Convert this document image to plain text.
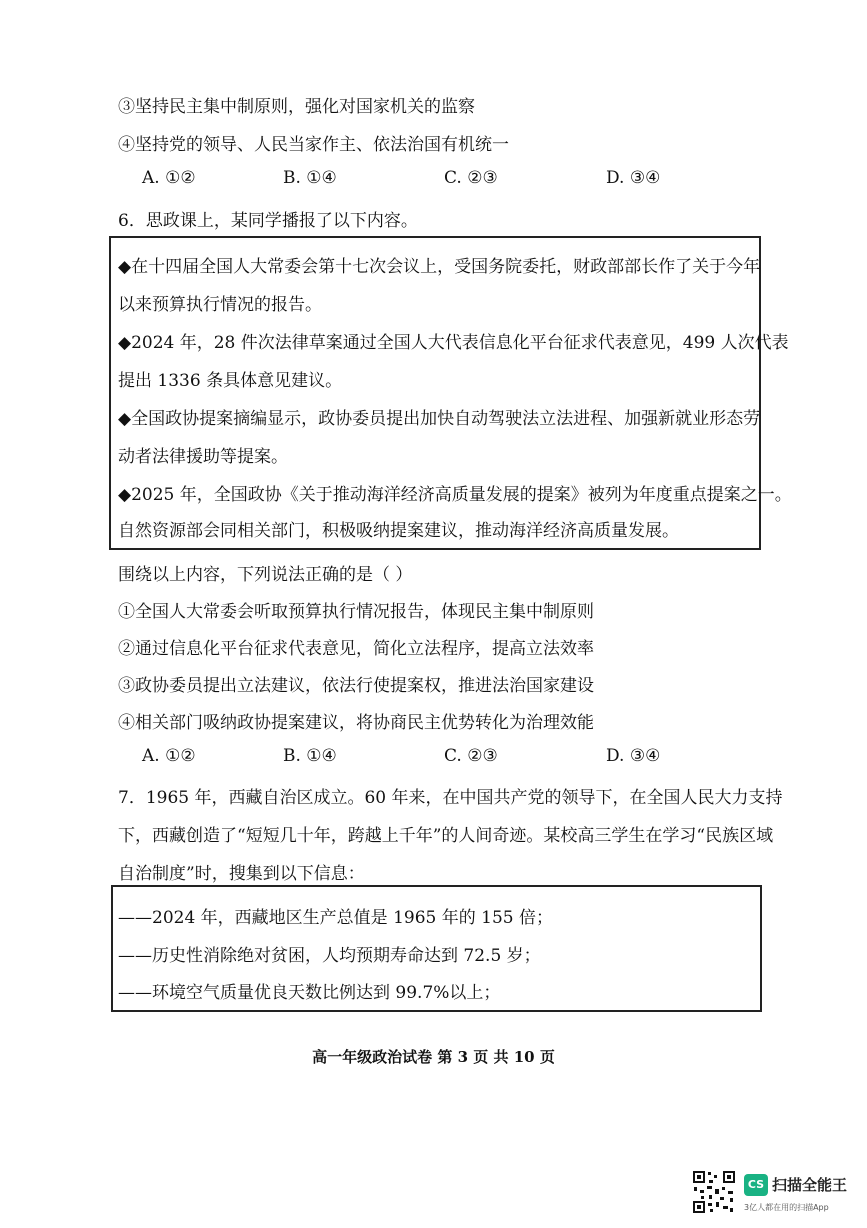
③坚持民主集中制原则，强化对国家机关的监察
④坚持党的领导、人民当家作主、依法治国有机统一
A. ①②	B. ①④	C. ②③	D. ③④
6．思政课上，某同学播报了以下内容。
◆在十四届全国人大常委会第十七次会议上，受国务院委托，财政部部长作了关于今年
以来预算执行情况的报告。
◆2024 年，28 件次法律草案通过全国人大代表信息化平台征求代表意见，499 人次代表
提出 1336 条具体意见建议。
◆全国政协提案摘编显示，政协委员提出加快自动驾驶法立法进程、加强新就业形态劳
动者法律援助等提案。
◆2025 年，全国政协《关于推动海洋经济高质量发展的提案》被列为年度重点提案之一。
自然资源部会同相关部门，积极吸纳提案建议，推动海洋经济高质量发展。
围绕以上内容，下列说法正确的是（ ）
①全国人大常委会听取预算执行情况报告，体现民主集中制原则
②通过信息化平台征求代表意见，简化立法程序，提高立法效率
③政协委员提出立法建议，依法行使提案权，推进法治国家建设
④相关部门吸纳政协提案建议，将协商民主优势转化为治理效能
A. ①②	B. ①④	C. ②③	D. ③④
7．1965 年，西藏自治区成立。60 年来，在中国共产党的领导下，在全国人民大力支持
下，西藏创造了“短短几十年，跨越上千年”的人间奇迹。某校高三学生在学习“民族区域
自治制度”时，搜集到以下信息：
——2024 年，西藏地区生产总值是 1965 年的 155 倍；
——历史性消除绝对贫困，人均预期寿命达到 72.5 岁；
——环境空气质量优良天数比例达到 99.7%以上；
高一年级政治试卷 第 3 页 共 10 页
CS 扫描全能王
3亿人都在用的扫描App
